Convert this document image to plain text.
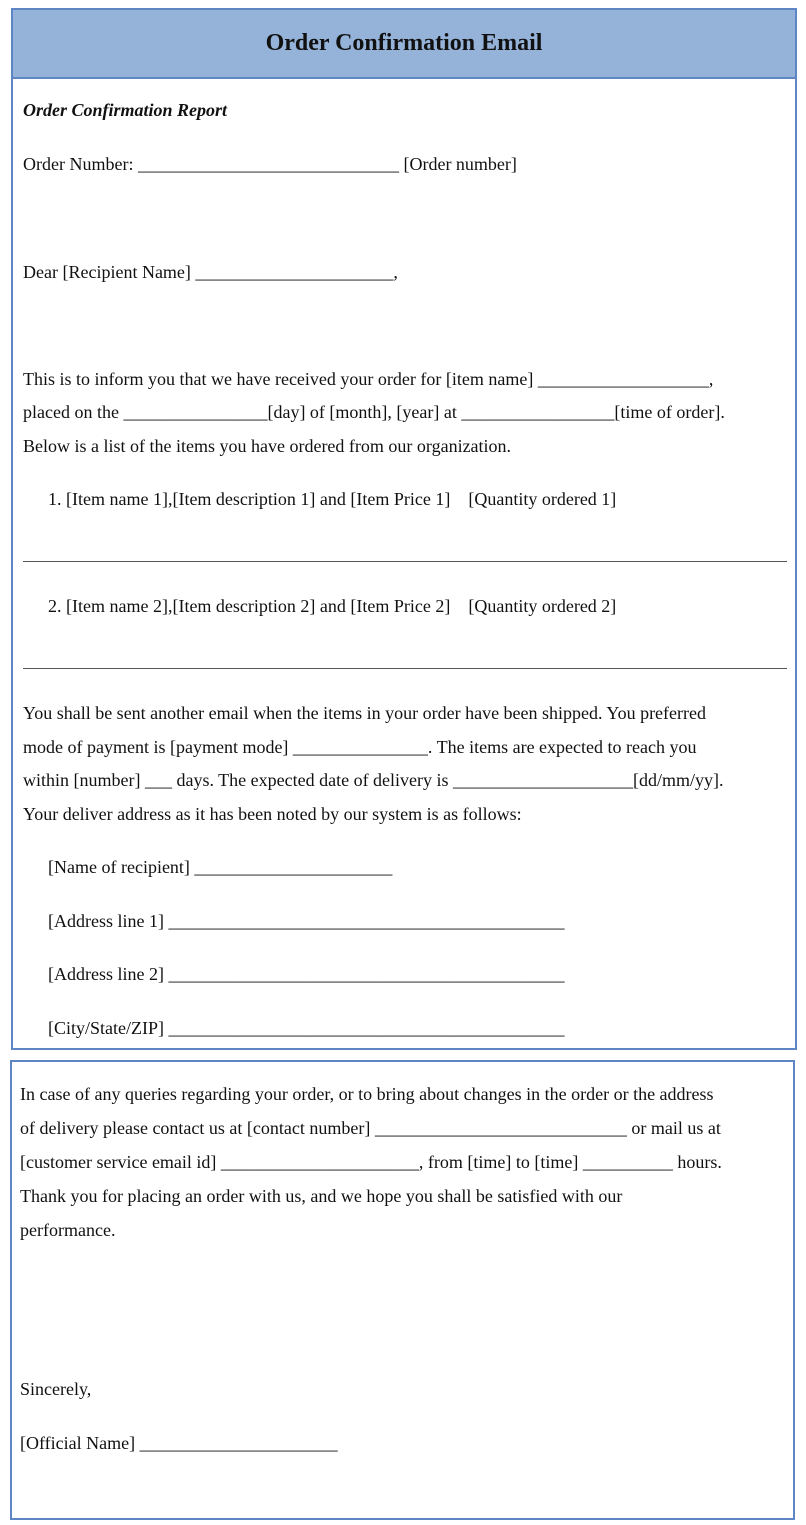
Order Confirmation Email
Order Confirmation Report
Order Number: _____________________________ [Order number]
Dear [Recipient Name] ______________________,
This is to inform you that we have received your order for [item name] ___________________,
placed on the ________________[day] of [month], [year] at _________________[time of order].
Below is a list of the items you have ordered from our organization.
1. [Item name 1],[Item description 1] and [Item Price 1]    [Quantity ordered 1]
2. [Item name 2],[Item description 2] and [Item Price 2]    [Quantity ordered 2]
You shall be sent another email when the items in your order have been shipped. You preferred
mode of payment is [payment mode] _______________. The items are expected to reach you
within [number] ___ days. The expected date of delivery is ____________________[dd/mm/yy].
Your deliver address as it has been noted by our system is as follows:
[Name of recipient] ______________________
[Address line 1] ____________________________________________
[Address line 2] ____________________________________________
[City/State/ZIP] ____________________________________________
In case of any queries regarding your order, or to bring about changes in the order or the address
of delivery please contact us at [contact number] ____________________________ or mail us at
[customer service email id] ______________________, from [time] to [time] __________ hours.
Thank you for placing an order with us, and we hope you shall be satisfied with our
performance.
Sincerely,
[Official Name] ______________________
